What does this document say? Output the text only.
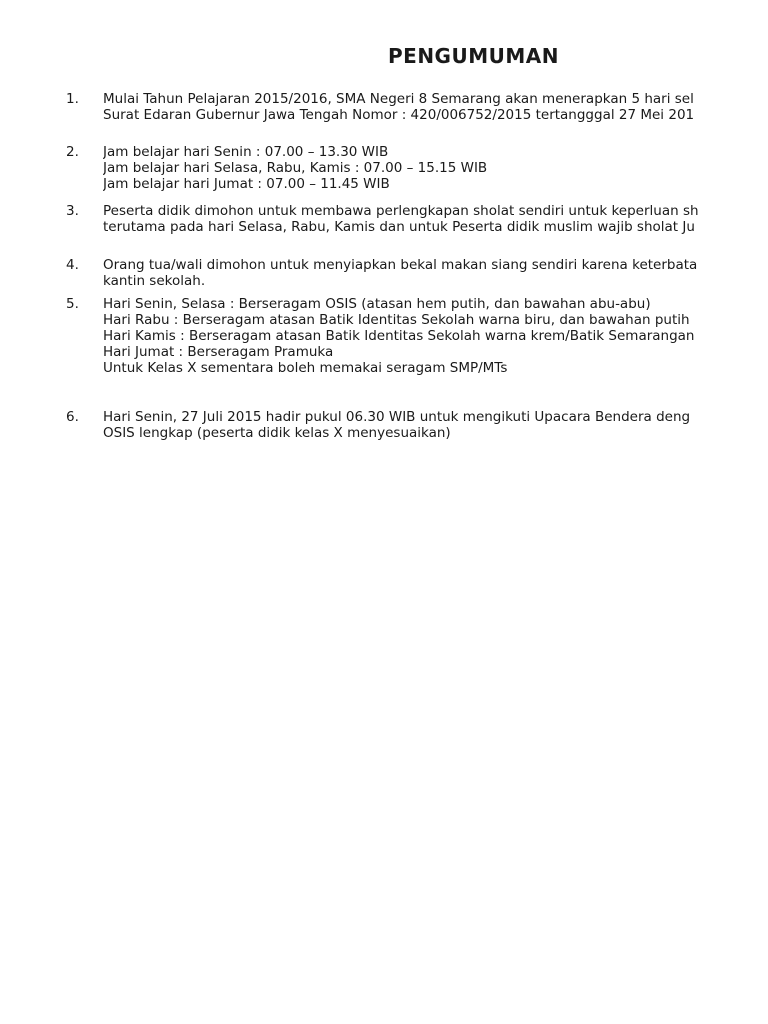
PENGUMUMAN
1. Mulai Tahun Pelajaran 2015/2016, SMA Negeri 8 Semarang akan menerapkan 5 hari sel
Surat Edaran Gubernur Jawa Tengah Nomor : 420/006752/2015 tertangggal 27 Mei 201
2. Jam belajar hari Senin : 07.00 – 13.30 WIB
Jam belajar hari Selasa, Rabu, Kamis : 07.00 – 15.15 WIB
Jam belajar hari Jumat : 07.00 – 11.45 WIB
3. Peserta didik dimohon untuk membawa perlengkapan sholat sendiri untuk keperluan sh
terutama pada hari Selasa, Rabu, Kamis dan untuk Peserta didik muslim wajib sholat Ju
4. Orang tua/wali dimohon untuk menyiapkan bekal makan siang sendiri karena keterbata
kantin sekolah.
5. Hari Senin, Selasa : Berseragam OSIS (atasan hem putih, dan bawahan abu-abu)
Hari Rabu : Berseragam atasan Batik Identitas Sekolah warna biru, dan bawahan putih
Hari Kamis : Berseragam atasan Batik Identitas Sekolah warna krem/Batik Semarangan
Hari Jumat : Berseragam Pramuka
Untuk Kelas X sementara boleh memakai seragam SMP/MTs
6. Hari Senin, 27 Juli 2015 hadir pukul 06.30 WIB untuk mengikuti Upacara Bendera deng
OSIS lengkap (peserta didik kelas X menyesuaikan)
